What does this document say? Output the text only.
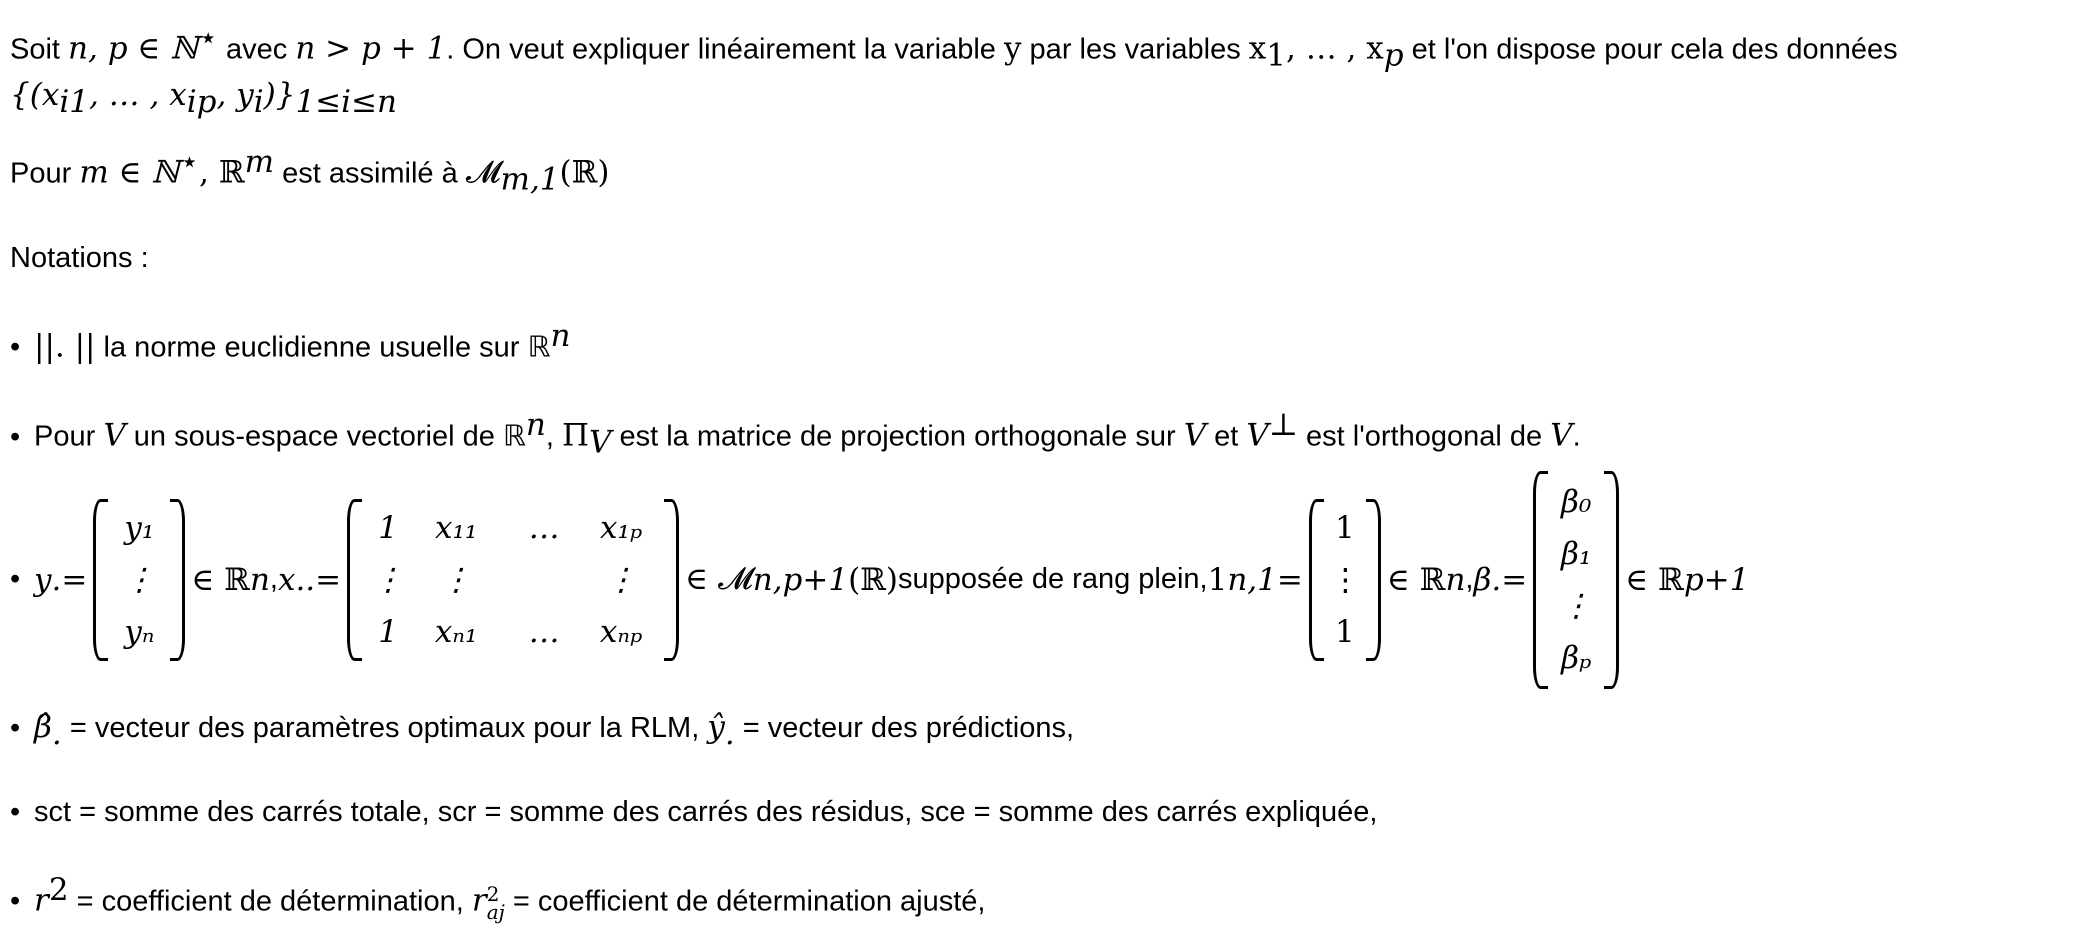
Soit n, p ∈ ℕ⋆ avec n > p + 1. On veut expliquer linéairement la variable y par les variables $x_1$, … , $x_p$ et l'on dispose pour cela des données

{($x_{i1}$, … , $x_{ip}$, $y_i)\}_{1\le i\le n}$

Pour m ∈ ℕ⋆, ℝ$^m$ est assimilé à 𝓜$_{m,1}$(ℝ)

Notations :

• ||. || la norme euclidienne usuelle sur ℝ$^n$

• Pour V un sous-espace vectoriel de ℝ$^n$, $\Pi_V$ est la matrice de projection orthogonale sur V et V⊥ est l'orthogonal de V.

• y . =
y₁
⋮
yₙ
∈ ℝ n , x .. =
1	x₁₁	…	x₁ₚ
⋮	⋮	⋮
1	xₙ₁	…	xₙₚ
∈ 𝓜 n,p+1 (ℝ) supposée de rang plein, 1 n,1 =
1
⋮
1
∈ ℝ n , β . =
β₀
β₁
⋮
βₚ
∈ ℝ p+1

• $\betâ_.$ = vecteur des paramètres optimaux pour la RLM, $ŷ_.$ = vecteur des prédictions,

• sct = somme des carrés totale, scr = somme des carrés des résidus, sce = somme des carrés expliquée,

• $r^2$ = coefficient de détermination, r 2
aj = coefficient de détermination ajusté,
